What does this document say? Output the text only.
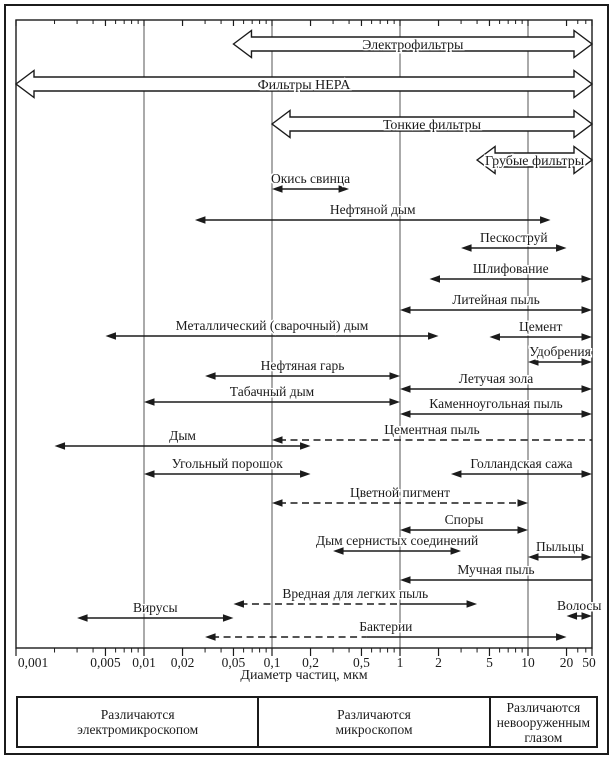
0,001	0,005 0,01 0,02 0,05 0,1 0,2	0,5 1 2	5 10 20 50
Электрофильтры
Фильтры HEPA
Тонкие фильтры
Грубые фильтры
Окись свинца
Нефтяной дым
Пескоструй
Шлифование
Литейная пыль
Металлический (сварочный) дым	Цемент
Удобрения
Нефтяная гарь
Летучая зола
Табачный дым
Каменноугольная пыль
Цементная пыль
Дым
Угольный порошок	Голландская сажа
Цветной пигмент
Споры
Дым сернистых соединений	Пыльцы
Мучная пыль
Вредная для легких пыль
Волосы
Вирусы
Бактерии
Диаметр частиц, мкм
Различаются
электромикроскопом
Различаются
микроскопом
Различаются
невооруженным
глазом
